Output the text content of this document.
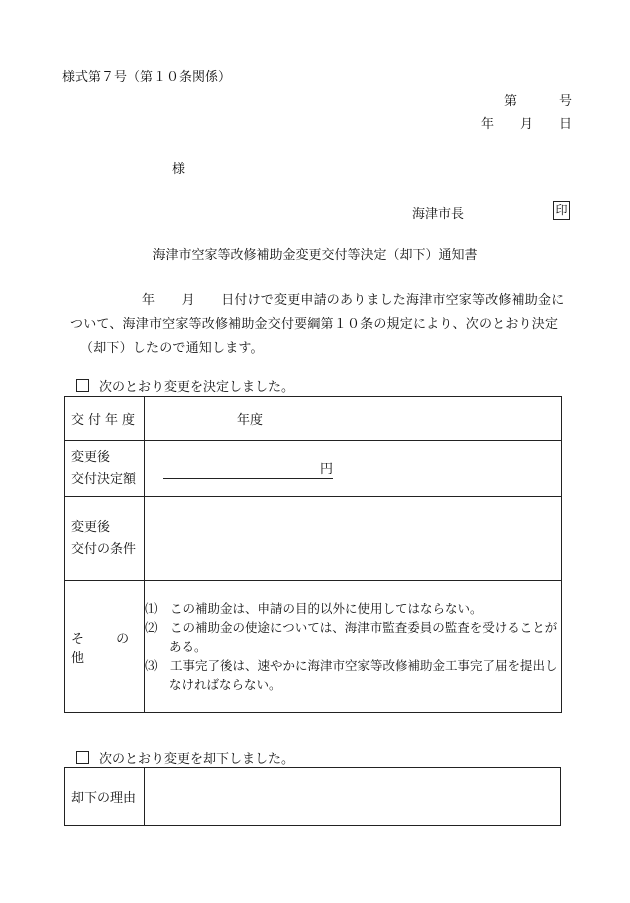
様式第７号（第１０条関係）
第	号
年 月 日
様
海津市長	印
海津市空家等改修補助金変更交付等決定（却下）通知書
年　　月　　日付けで変更申請のありました海津市空家等改修補助金に
ついて、海津市空家等改修補助金交付要綱第１０条の規定により、次のとおり決定
（却下）したので通知します。
次のとおり変更を決定しました。
交付年度	年度

変更後
交付決定額	円

変更後
交付の条件	

そ の 他	⑴　この補助金は、申請の目的以外に使用してはならない。
⑵　この補助金の使途については、海津市監査委員の監査を受けることがある。
⑶　工事完了後は、速やかに海津市空家等改修補助金工事完了届を提出しなければならない。
次のとおり変更を却下しました。
却下の理由	
